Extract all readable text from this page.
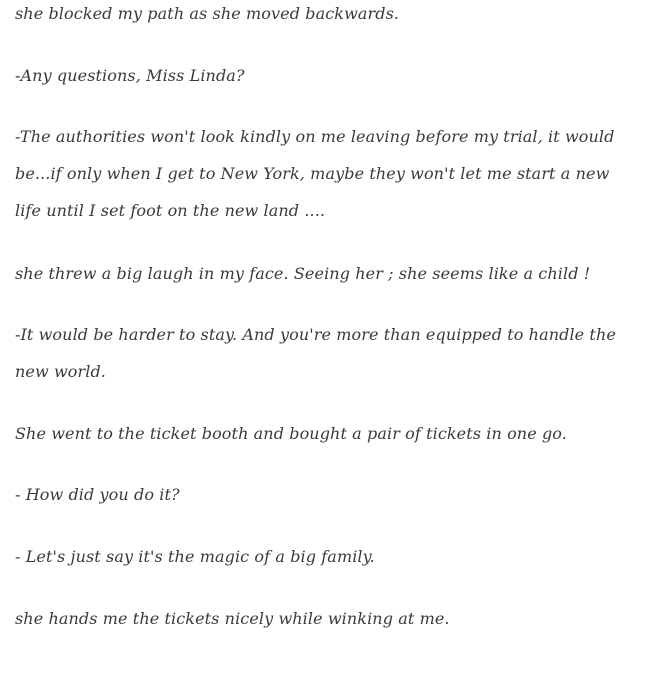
she blocked my path as she moved backwards.

-Any questions, Miss Linda?

-The authorities won't look kindly on me leaving before my trial, it would be...if only when I get to New York, maybe they won't let me start a new life until I set foot on the new land ....

she threw a big laugh in my face. Seeing her ; she seems like a child !

-It would be harder to stay. And you're more than equipped to handle the new world.

She went to the ticket booth and bought a pair of tickets in one go.

- How did you do it?

- Let's just say it's the magic of a big family.

she hands me the tickets nicely while winking at me.
